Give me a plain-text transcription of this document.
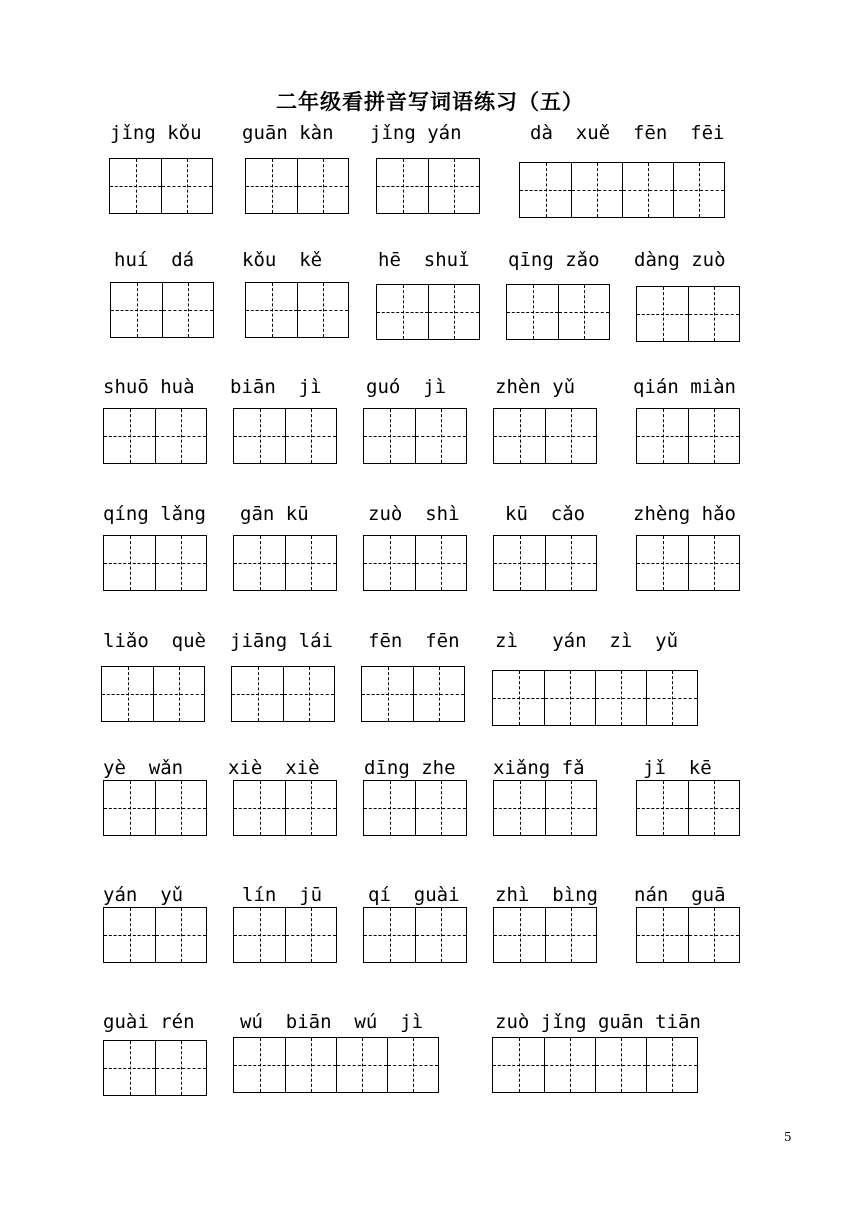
二年级看拼音写词语练习（五）
jǐng kǒu guān kàn jǐng yán	dà  xuě  fēn  fēi
huí  dá	kǒu  kě	hē  shuǐ qīng zǎo dàng zuò
shuō huà biān  jì guó  jì	zhèn yǔ	qián miàn
qíng lǎng gān kū	zuò  shì kū  cǎo	zhèng hǎo
liǎo  què jiāng lái fēn  fēn zì   yán  zì  yǔ
yè  wǎn xiè  xiè dīng zhe xiǎng fǎ	jǐ  kē
yán  yǔ	lín  jū qí  guài zhì  bìng nán  guā
guài rén wú  biān  wú  jì	zuò jǐng guān tiān
5
